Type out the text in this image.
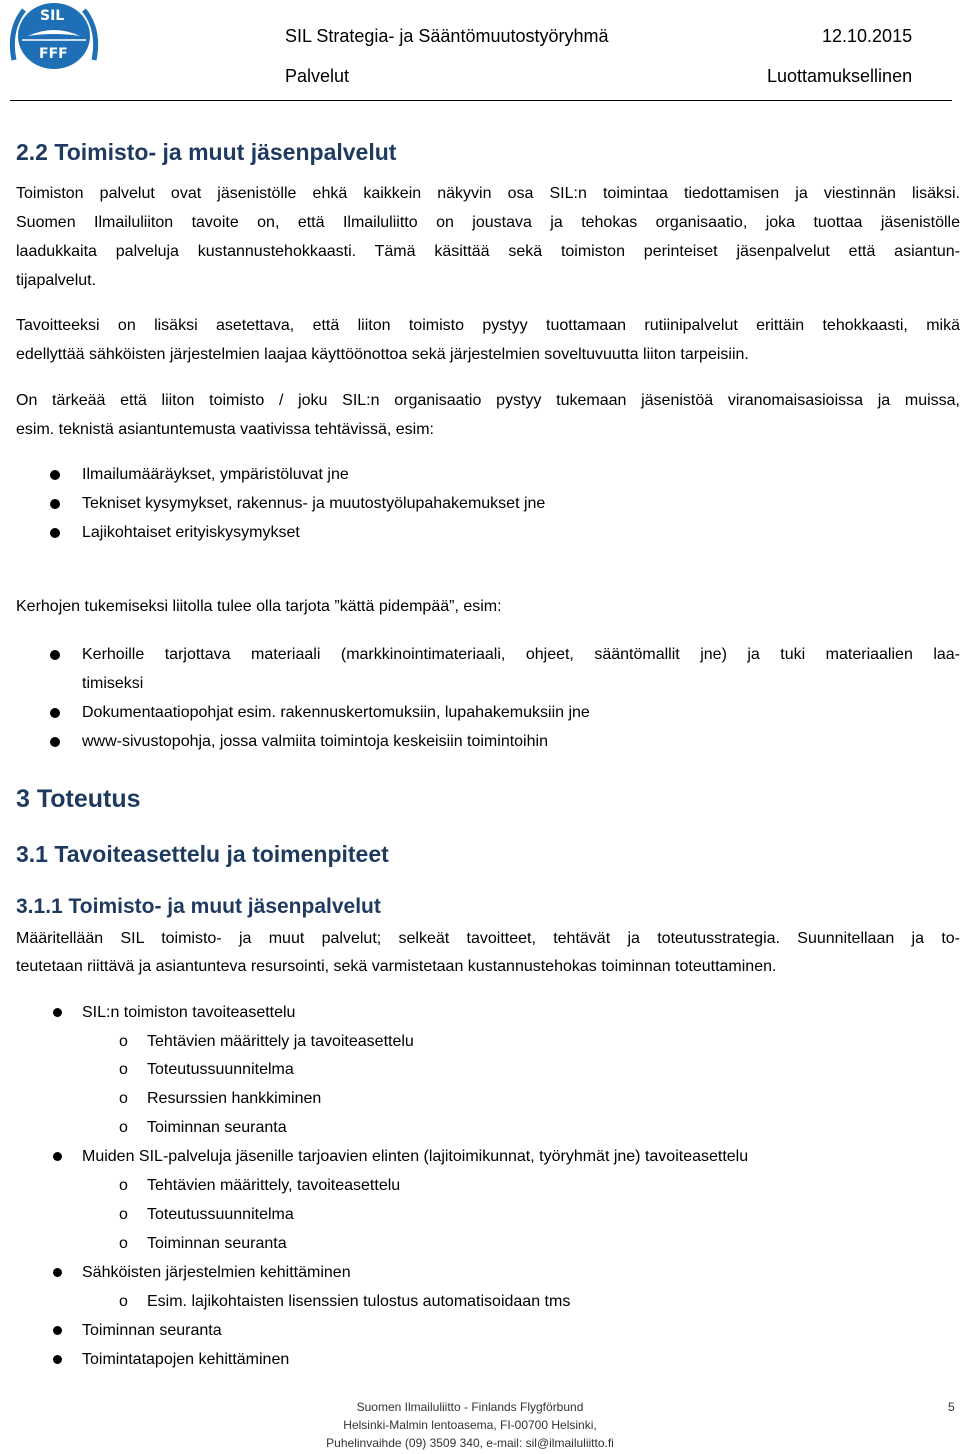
SIL
FFF
SIL Strategia- ja Sääntömuutostyöryhmä	12.10.2015
Palvelut	Luottamuksellinen
2.2 Toimisto- ja muut jäsenpalvelut
Toimiston palvelut ovat jäsenistölle ehkä kaikkein näkyvin osa SIL:n toimintaa tiedottamisen ja viestinnän lisäksi.
Suomen Ilmailuliiton tavoite on, että Ilmailuliitto on joustava ja tehokas organisaatio, joka tuottaa jäsenistölle
laadukkaita palveluja kustannustehokkaasti. Tämä käsittää sekä toimiston perinteiset jäsenpalvelut että asiantun-
tijapalvelut.
Tavoitteeksi on lisäksi asetettava, että liiton toimisto pystyy tuottamaan rutiinipalvelut erittäin tehokkaasti, mikä
edellyttää sähköisten järjestelmien laajaa käyttöönottoa sekä järjestelmien soveltuvuutta liiton tarpeisiin.
On tärkeää että liiton toimisto / joku SIL:n organisaatio pystyy tukemaan jäsenistöä viranomaisasioissa ja muissa,
esim. teknistä asiantuntemusta vaativissa tehtävissä, esim:
Ilmailumääräykset, ympäristöluvat jne
Tekniset kysymykset, rakennus- ja muutostyölupahakemukset jne
Lajikohtaiset erityiskysymykset
Kerhojen tukemiseksi liitolla tulee olla tarjota ”kättä pidempää”, esim:
Kerhoille tarjottava materiaali (markkinointimateriaali, ohjeet, sääntömallit jne) ja tuki materiaalien laa-
timiseksi
Dokumentaatiopohjat esim. rakennuskertomuksiin, lupahakemuksiin jne
www-sivustopohja, jossa valmiita toimintoja keskeisiin toimintoihin
3 Toteutus
3.1 Tavoiteasettelu ja toimenpiteet
3.1.1 Toimisto- ja muut jäsenpalvelut
Määritellään SIL toimisto- ja muut palvelut; selkeät tavoitteet, tehtävät ja toteutusstrategia. Suunnitellaan ja to-
teutetaan riittävä ja asiantunteva resursointi, sekä varmistetaan kustannustehokas toiminnan toteuttaminen.
SIL:n toimiston tavoiteasettelu
o Tehtävien määrittely ja tavoiteasettelu
o Toteutussuunnitelma
o Resurssien hankkiminen
o Toiminnan seuranta
Muiden SIL-palveluja jäsenille tarjoavien elinten (lajitoimikunnat, työryhmät jne) tavoiteasettelu
o Tehtävien määrittely, tavoiteasettelu
o Toteutussuunnitelma
o Toiminnan seuranta
Sähköisten järjestelmien kehittäminen
o Esim. lajikohtaisten lisenssien tulostus automatisoidaan tms
Toiminnan seuranta
Toimintatapojen kehittäminen
Suomen Ilmailuliitto - Finlands Flygförbund
Helsinki-Malmin lentoasema, FI-00700 Helsinki,
Puhelinvaihde (09) 3509 340, e-mail: sil@ilmailuliitto.fi
5
